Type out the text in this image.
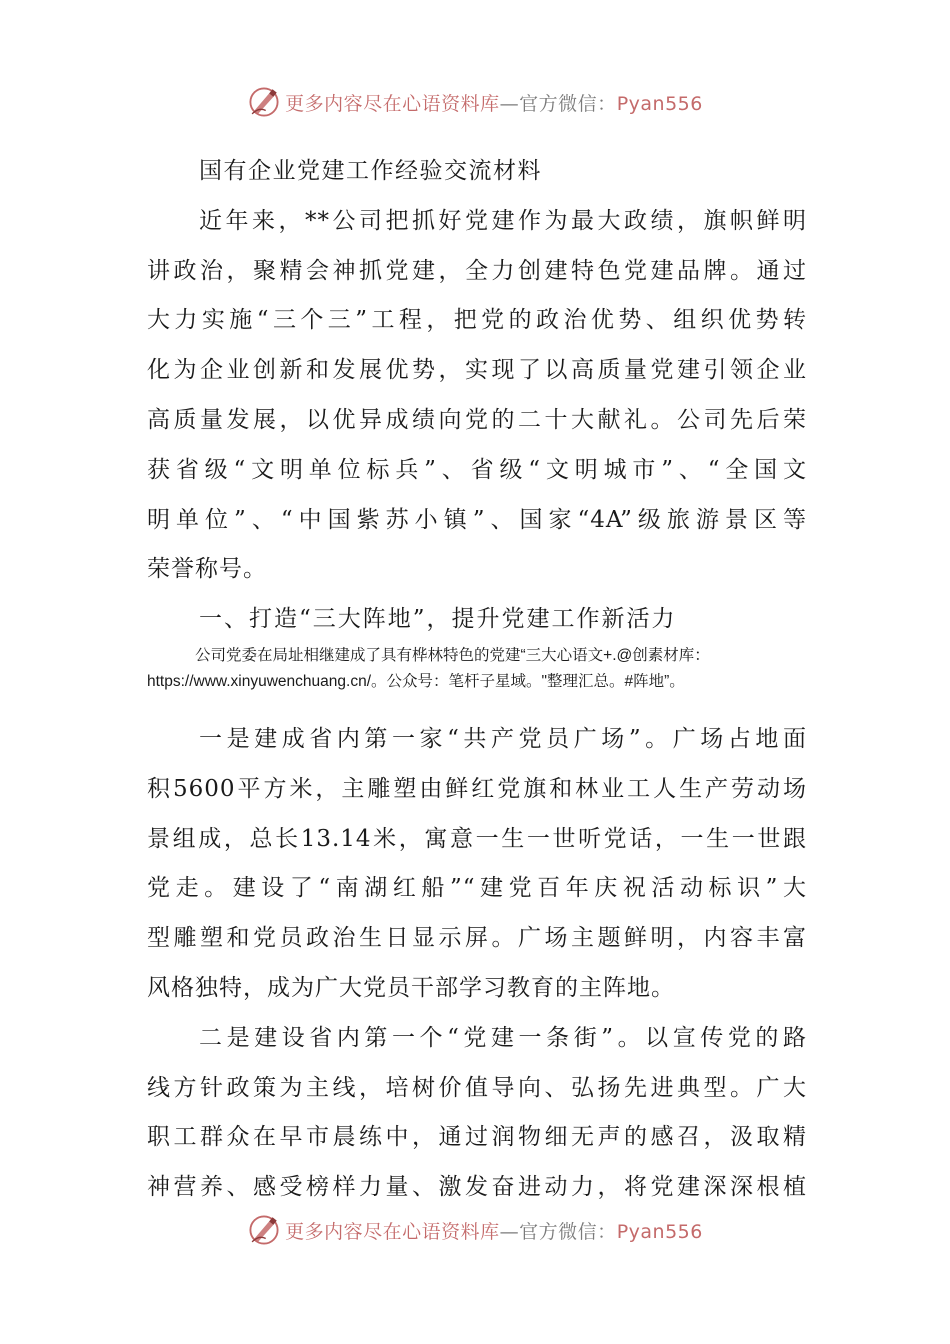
更多内容尽在心语资料库—官方微信：Pyan556
国有企业党建工作经验交流材料
近年来，**公司把抓好党建作为最大政绩，旗帜鲜明
讲政治，聚精会神抓党建，全力创建特色党建品牌。通过
大力实施“三个三”工程，把党的政治优势、组织优势转
化为企业创新和发展优势，实现了以高质量党建引领企业
高质量发展，以优异成绩向党的二十大献礼。公司先后荣
获省级“文明单位标兵”、省级“文明城市”、“全国文
明单位”、“中国紫苏小镇”、国家“4A”级旅游景区等
荣誉称号。
一、打造“三大阵地”，提升党建工作新活力
公司党委在局址相继建成了具有桦林特色的党建“三大心语文+.@创素材库：
https://www.xinyuwenchuang.cn/。公众号：笔杆子星域。"整理汇总。#阵地”。
一是建成省内第一家“共产党员广场”。广场占地面
积5600平方米，主雕塑由鲜红党旗和林业工人生产劳动场
景组成，总长13.14米，寓意一生一世听党话，一生一世跟
党走。建设了“南湖红船”“建党百年庆祝活动标识”大
型雕塑和党员政治生日显示屏。广场主题鲜明，内容丰富
风格独特，成为广大党员干部学习教育的主阵地。
二是建设省内第一个“党建一条街”。以宣传党的路
线方针政策为主线，培树价值导向、弘扬先进典型。广大
职工群众在早市晨练中，通过润物细无声的感召，汲取精
神营养、感受榜样力量、激发奋进动力，将党建深深根植
更多内容尽在心语资料库—官方微信：Pyan556
